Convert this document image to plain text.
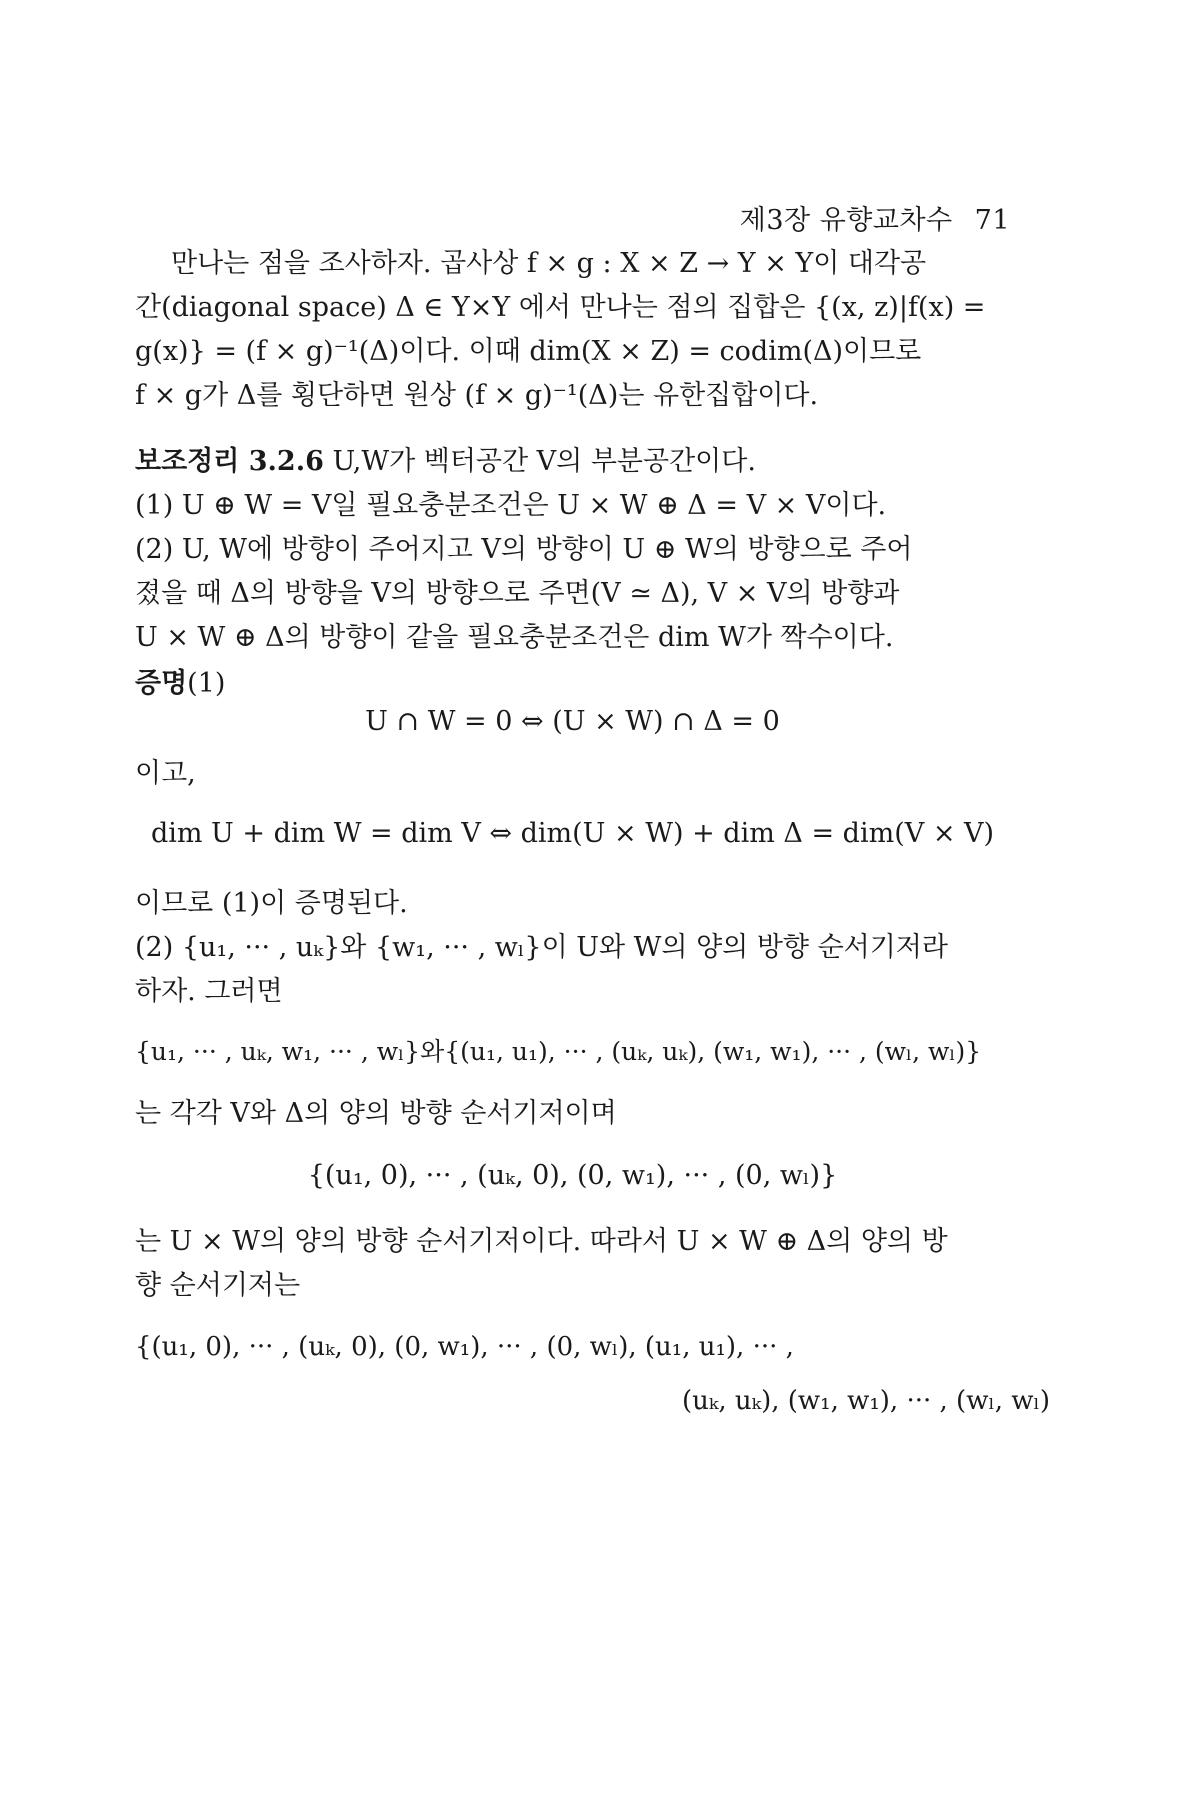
제3장 유향교차수 71

만나는 점을 조사하자. 곱사상 f × g : X × Z → Y × Y이 대각공

간(diagonal space) Δ ∈ Y×Y 에서 만나는 점의 집합은 {(x, z)|f(x) =

g(x)} = (f × g)⁻¹(Δ)이다. 이때 dim(X × Z) = codim(Δ)이므로

f × g가 Δ를 횡단하면 원상 (f × g)⁻¹(Δ)는 유한집합이다.

보조정리 3.2.6 U,W가 벡터공간 V의 부분공간이다.

(1) U ⊕ W = V일 필요충분조건은 U × W ⊕ Δ = V × V이다.

(2) U, W에 방향이 주어지고 V의 방향이 U ⊕ W의 방향으로 주어

졌을 때 Δ의 방향을 V의 방향으로 주면(V ≃ Δ), V × V의 방향과

U × W ⊕ Δ의 방향이 같을 필요충분조건은 dim W가 짝수이다.

증명(1)

U ∩ W = 0 ⇔ (U × W) ∩ Δ = 0

이고,

dim U + dim W = dim V ⇔ dim(U × W) + dim Δ = dim(V × V)

이므로 (1)이 증명된다.

(2) {u₁, ··· , uₖ}와 {w₁, ··· , wₗ}이 U와 W의 양의 방향 순서기저라

하자. 그러면

{u₁, ··· , uₖ, w₁, ··· , wₗ}와{(u₁, u₁), ··· , (uₖ, uₖ), (w₁, w₁), ··· , (wₗ, wₗ)}

는 각각 V와 Δ의 양의 방향 순서기저이며

{(u₁, 0), ··· , (uₖ, 0), (0, w₁), ··· , (0, wₗ)}

는 U × W의 양의 방향 순서기저이다. 따라서 U × W ⊕ Δ의 양의 방

향 순서기저는

{(u₁, 0), ··· , (uₖ, 0), (0, w₁), ··· , (0, wₗ), (u₁, u₁), ··· ,

(uₖ, uₖ), (w₁, w₁), ··· , (wₗ, wₗ)
